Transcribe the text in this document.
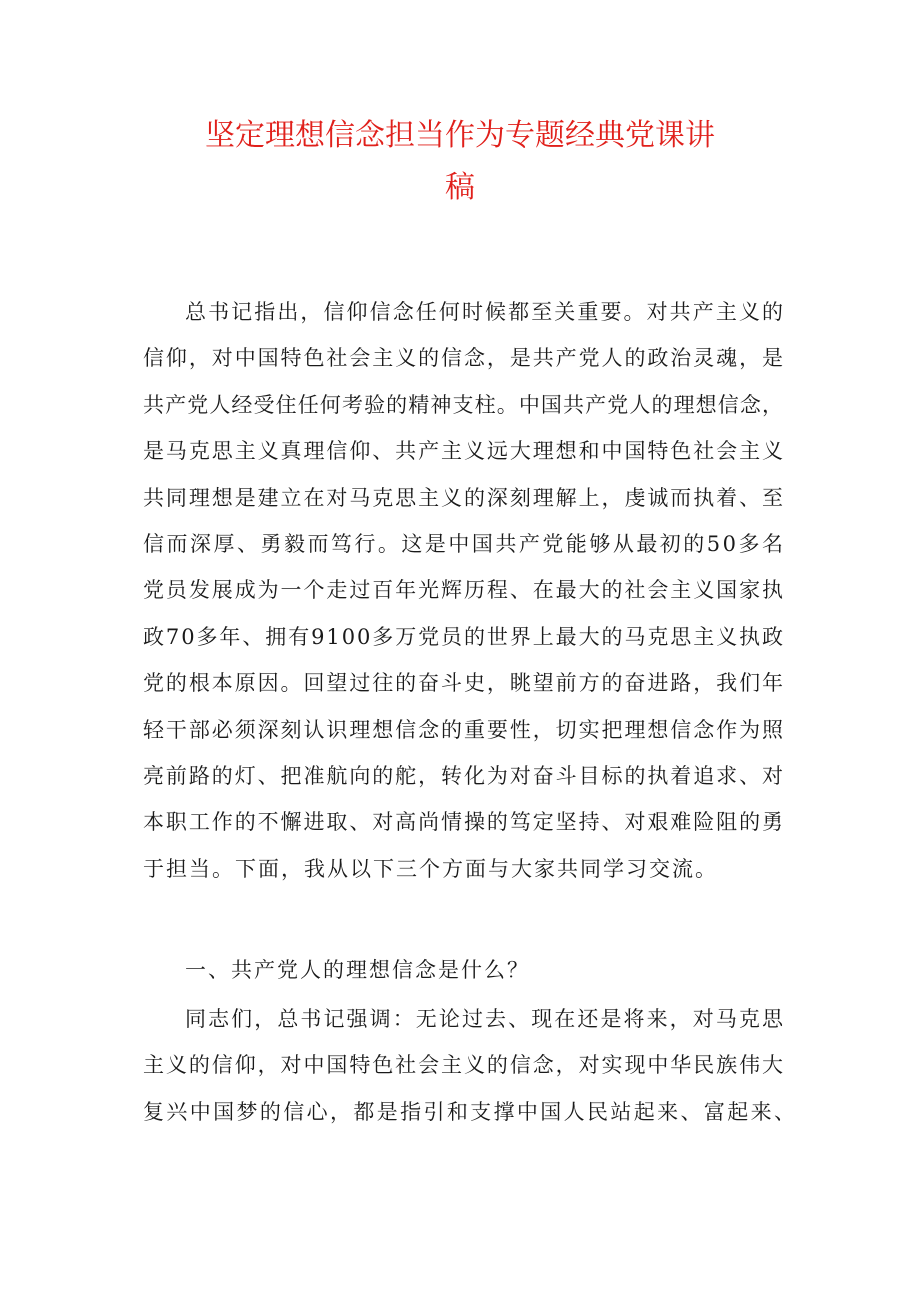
坚定理想信念担当作为专题经典党课讲
稿
总书记指出，信仰信念任何时候都至关重要。对共产主义的
信仰，对中国特色社会主义的信念，是共产党人的政治灵魂，是
共产党人经受住任何考验的精神支柱。中国共产党人的理想信念，
是马克思主义真理信仰、共产主义远大理想和中国特色社会主义
共同理想是建立在对马克思主义的深刻理解上，虔诚而执着、至
信而深厚、勇毅而笃行。这是中国共产党能够从最初的50多名
党员发展成为一个走过百年光辉历程、在最大的社会主义国家执
政70多年、拥有9100多万党员的世界上最大的马克思主义执政
党的根本原因。回望过往的奋斗史，眺望前方的奋进路，我们年
轻干部必须深刻认识理想信念的重要性，切实把理想信念作为照
亮前路的灯、把准航向的舵，转化为对奋斗目标的执着追求、对
本职工作的不懈进取、对高尚情操的笃定坚持、对艰难险阻的勇
于担当。下面，我从以下三个方面与大家共同学习交流。
一、共产党人的理想信念是什么？
同志们，总书记强调：无论过去、现在还是将来，对马克思
主义的信仰，对中国特色社会主义的信念，对实现中华民族伟大
复兴中国梦的信心，都是指引和支撑中国人民站起来、富起来、
